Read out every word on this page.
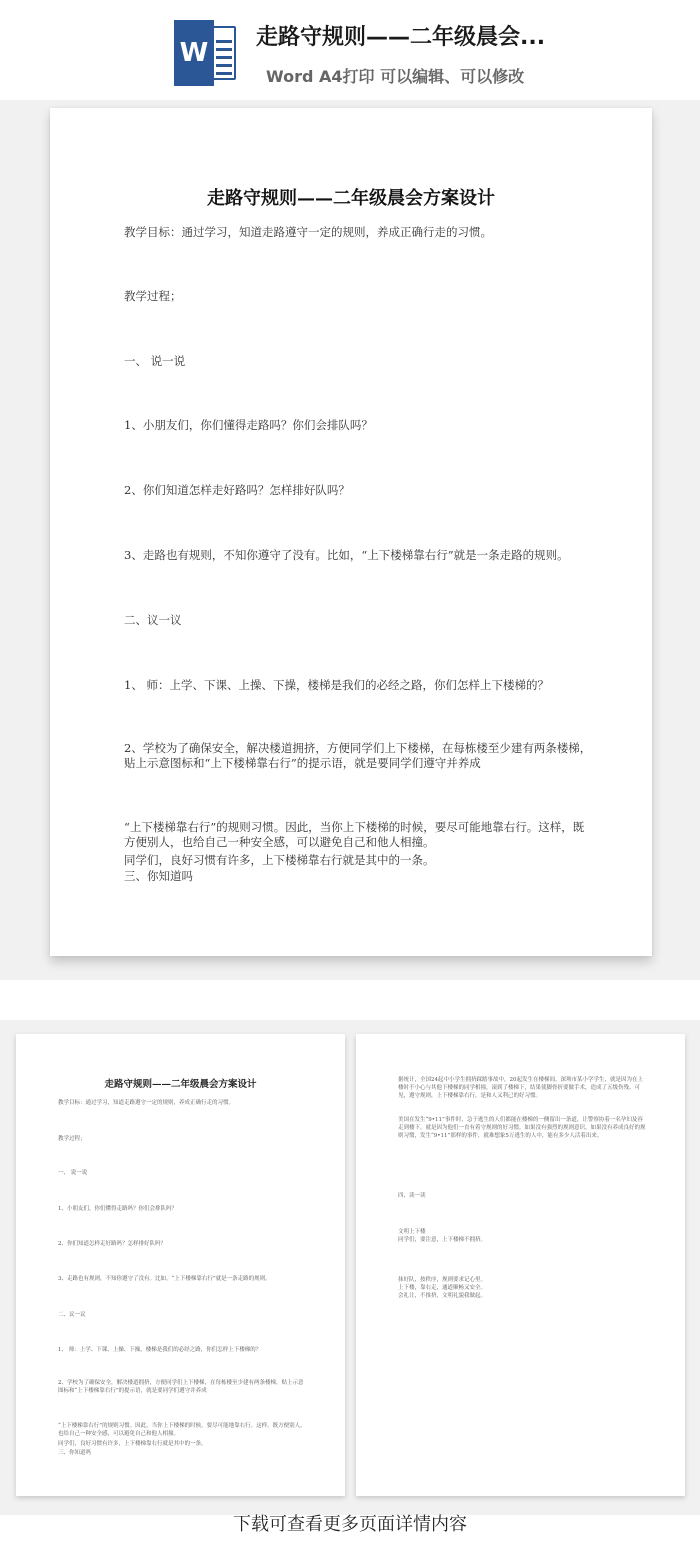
W
走路守规则——二年级晨会...
Word A4打印 可以编辑、可以修改
走路守规则——二年级晨会方案设计
教学目标：通过学习，知道走路遵守一定的规则，养成正确行走的习惯。
教学过程；
一、 说一说
1、小朋友们，你们懂得走路吗？你们会排队吗？
2、你们知道怎样走好路吗？怎样排好队吗？
3、走路也有规则，不知你遵守了没有。比如，“上下楼梯靠右行”就是一条走路的规则。
二、议一议
1、 师：上学、下课、上操、下操，楼梯是我们的必经之路，你们怎样上下楼梯的？
2、学校为了确保安全，解决楼道拥挤，方便同学们上下楼梯，在每栋楼至少建有两条楼梯，贴上示意图标和“上下楼梯靠右行”的提示语，就是要同学们遵守并养成
“上下楼梯靠右行”的规则习惯。因此，当你上下楼梯的时候，要尽可能地靠右行。这样，既方便别人，也给自己一种安全感，可以避免自己和他人相撞。
同学们，良好习惯有许多，上下楼梯靠右行就是其中的一条。
三、你知道吗
走路守规则——二年级晨会方案设计
教学目标：通过学习，知道走路遵守一定的规则，养成正确行走的习惯。
教学过程；
一、 说一说
1、小朋友们，你们懂得走路吗？你们会排队吗？
2、你们知道怎样走好路吗？怎样排好队吗？
3、走路也有规则，不知你遵守了没有。比如，“上下楼梯靠右行”就是一条走路的规则。
二、议一议
1、 师：上学、下课、上操、下操，楼梯是我们的必经之路，你们怎样上下楼梯的？
2、学校为了确保安全，解决楼道拥挤，方便同学们上下楼梯，在每栋楼至少建有两条楼梯，贴上示意图标和“上下楼梯靠右行”的提示语，就是要同学们遵守并养成
“上下楼梯靠右行”的规则习惯。因此，当你上下楼梯的时候，要尽可能地靠右行。这样，既方便别人，也给自己一种安全感，可以避免自己和他人相撞。
同学们，良好习惯有许多，上下楼梯靠右行就是其中的一条。
三、你知道吗
据统计，全国24起中小学生拥挤踩踏事故中，20起发生在楼梯间。深圳市某小学学生，就是因为在上楼时不小心与其他下楼梯的同学相撞，滚到了楼梯下，结果使脚骨折要做手术，造成了五级伤残。可见，遵守规则，上下楼梯靠右行，是和人又利己的好习惯。
美国在发生“9•11”事件时，急于逃生的人们都能在楼梯的一侧留出一条道，让警察协着一名孕妇及容走到楼下，就是因为他们一直有着守规则的好习惯。如果没有强烈的规则意识，如果没有养成良好的规则习惯，发生“9•11”那样的事件，就难想象5万逃生的人中，能有多少人活着出来。
四、读一读
文明上下楼
同学们，要注意，上下楼梯不拥挤。
抹好队，按秩序，规则要求记心里。
上下楼，靠右走，通道顺畅又安全。
会礼让，不推挤，文明礼貌我做起。
下载可查看更多页面详情内容
